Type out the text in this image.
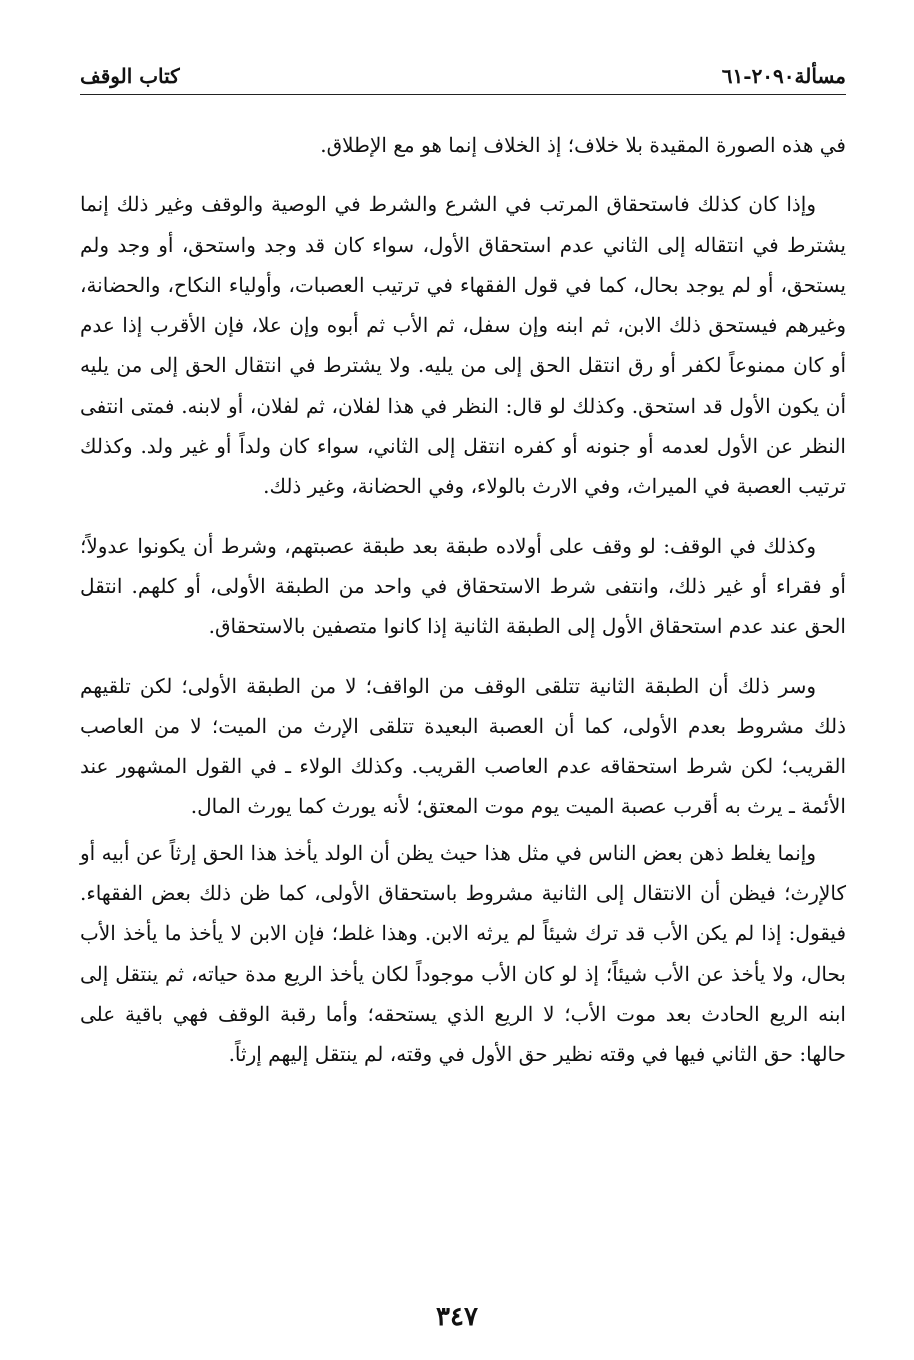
مسألة٢٠٩٠-٦١
كتاب الوقف

في هذه الصورة المقيدة بلا خلاف؛ إذ الخلاف إنما هو مع الإطلاق.

وإذا كان كذلك فاستحقاق المرتب في الشرع والشرط في الوصية والوقف وغير ذلك إنما يشترط في انتقاله إلى الثاني عدم استحقاق الأول، سواء كان قد وجد واستحق، أو وجد ولم يستحق، أو لم يوجد بحال، كما في قول الفقهاء في ترتيب العصبات، وأولياء النكاح، والحضانة، وغيرهم فيستحق ذلك الابن، ثم ابنه وإن سفل، ثم الأب ثم أبوه وإن علا، فإن الأقرب إذا عدم أو كان ممنوعاً لكفر أو رق انتقل الحق إلى من يليه. ولا يشترط في انتقال الحق إلى من يليه أن يكون الأول قد استحق. وكذلك لو قال: النظر في هذا لفلان، ثم لفلان، أو لابنه. فمتى انتفى النظر عن الأول لعدمه أو جنونه أو كفره انتقل إلى الثاني، سواء كان ولداً أو غير ولد. وكذلك ترتيب العصبة في الميراث، وفي الارث بالولاء، وفي الحضانة، وغير ذلك.

وكذلك في الوقف: لو وقف على أولاده طبقة بعد طبقة عصبتهم، وشرط أن يكونوا عدولاً؛ أو فقراء أو غير ذلك، وانتفى شرط الاستحقاق في واحد من الطبقة الأولى، أو كلهم. انتقل الحق عند عدم استحقاق الأول إلى الطبقة الثانية إذا كانوا متصفين بالاستحقاق.

وسر ذلك أن الطبقة الثانية تتلقى الوقف من الواقف؛ لا من الطبقة الأولى؛ لكن تلقيهم ذلك مشروط بعدم الأولى، كما أن العصبة البعيدة تتلقى الإرث من الميت؛ لا من العاصب القريب؛ لكن شرط استحقاقه عدم العاصب القريب. وكذلك الولاء ـ في القول المشهور عند الأئمة ـ يرث به أقرب عصبة الميت يوم موت المعتق؛ لأنه يورث كما يورث المال.

وإنما يغلط ذهن بعض الناس في مثل هذا حيث يظن أن الولد يأخذ هذا الحق إرثاً عن أبيه أو كالإرث؛ فيظن أن الانتقال إلى الثانية مشروط باستحقاق الأولى، كما ظن ذلك بعض الفقهاء. فيقول: إذا لم يكن الأب قد ترك شيئاً لم يرثه الابن. وهذا غلط؛ فإن الابن لا يأخذ ما يأخذ الأب بحال، ولا يأخذ عن الأب شيئاً؛ إذ لو كان الأب موجوداً لكان يأخذ الريع مدة حياته، ثم ينتقل إلى ابنه الريع الحادث بعد موت الأب؛ لا الريع الذي يستحقه؛ وأما رقبة الوقف فهي باقية على حالها: حق الثاني فيها في وقته نظير حق الأول في وقته، لم ينتقل إليهم إرثاً.

٣٤٧
